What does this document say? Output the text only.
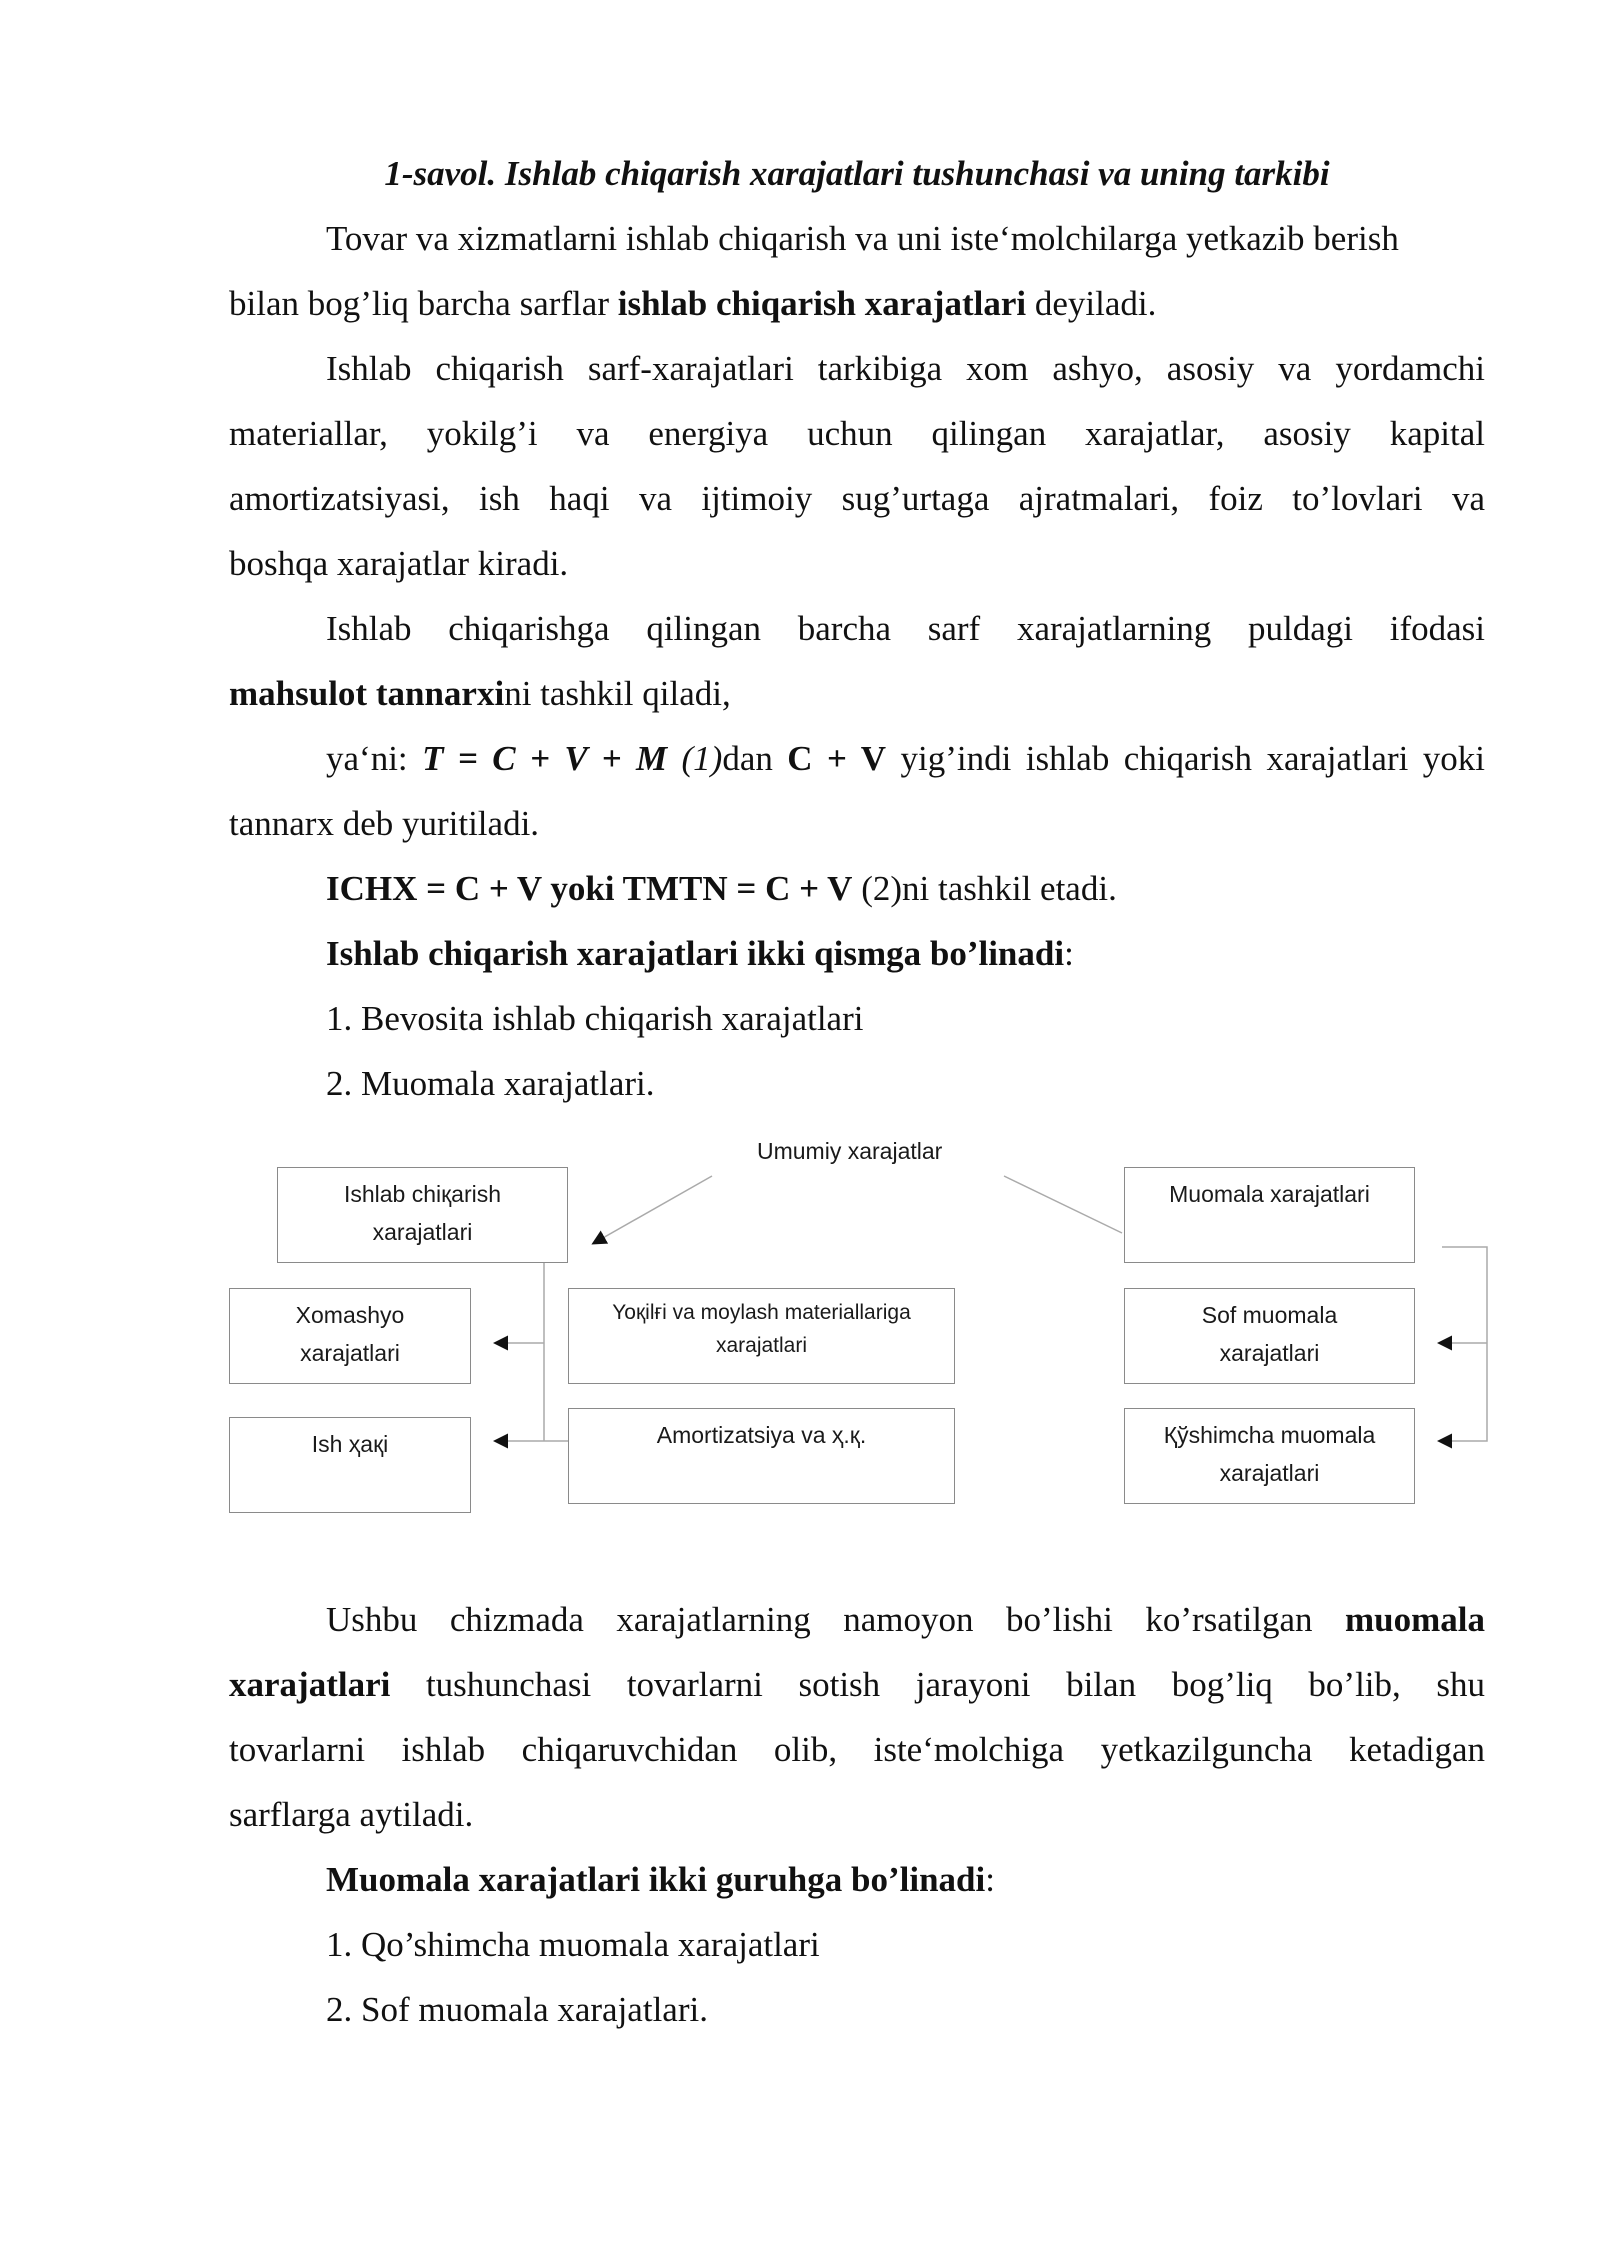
1-savol. Ishlab chiqarish xarajatlari tushunchasi va uning tarkibi
Tovar va xizmatlarni ishlab chiqarish va uni iste‘molchilarga yetkazib berish
bilan bog’liq barcha sarflar ishlab chiqarish xarajatlari deyiladi.
Ishlab chiqarish sarf-xarajatlari tarkibiga xom ashyo, asosiy va yordamchi
materiallar, yokilg’i va energiya uchun qilingan xarajatlar, asosiy kapital
amortizatsiyasi, ish haqi va ijtimoiy sug’urtaga ajratmalari, foiz to’lovlari va
boshqa xarajatlar kiradi.
Ishlab chiqarishga qilingan barcha sarf xarajatlarning puldagi ifodasi
mahsulot tannarxini tashkil qiladi,
ya‘ni: T = C + V + M (1)dan C + V yig’indi ishlab chiqarish xarajatlari yoki
tannarx deb yuritiladi.
ICHX = C + V yoki TMTN = C + V (2)ni tashkil etadi.
Ishlab chiqarish xarajatlari ikki qismga bo’linadi:
1. Bevosita ishlab chiqarish xarajatlari
2. Muomala xarajatlari.
Umumiy xarajatlar
Ishlab chiқarish
xarajatlari
Muomala xarajatlari
Xomashyo
xarajatlari
Yoқilғi va moylash materiallariga
xarajatlari
Sof muomala
xarajatlari
Ish ҳақі	Amortizatsiya va ҳ.қ.	Қўshimcha muomala
xarajatlari
Ushbu chizmada xarajatlarning namoyon bo’lishi ko’rsatilgan muomala
xarajatlari tushunchasi tovarlarni sotish jarayoni bilan bog’liq bo’lib, shu
tovarlarni ishlab chiqaruvchidan olib, iste‘molchiga yetkazilguncha ketadigan
sarflarga aytiladi.
Muomala xarajatlari ikki guruhga bo’linadi:
1. Qo’shimcha muomala xarajatlari
2. Sof muomala xarajatlari.
